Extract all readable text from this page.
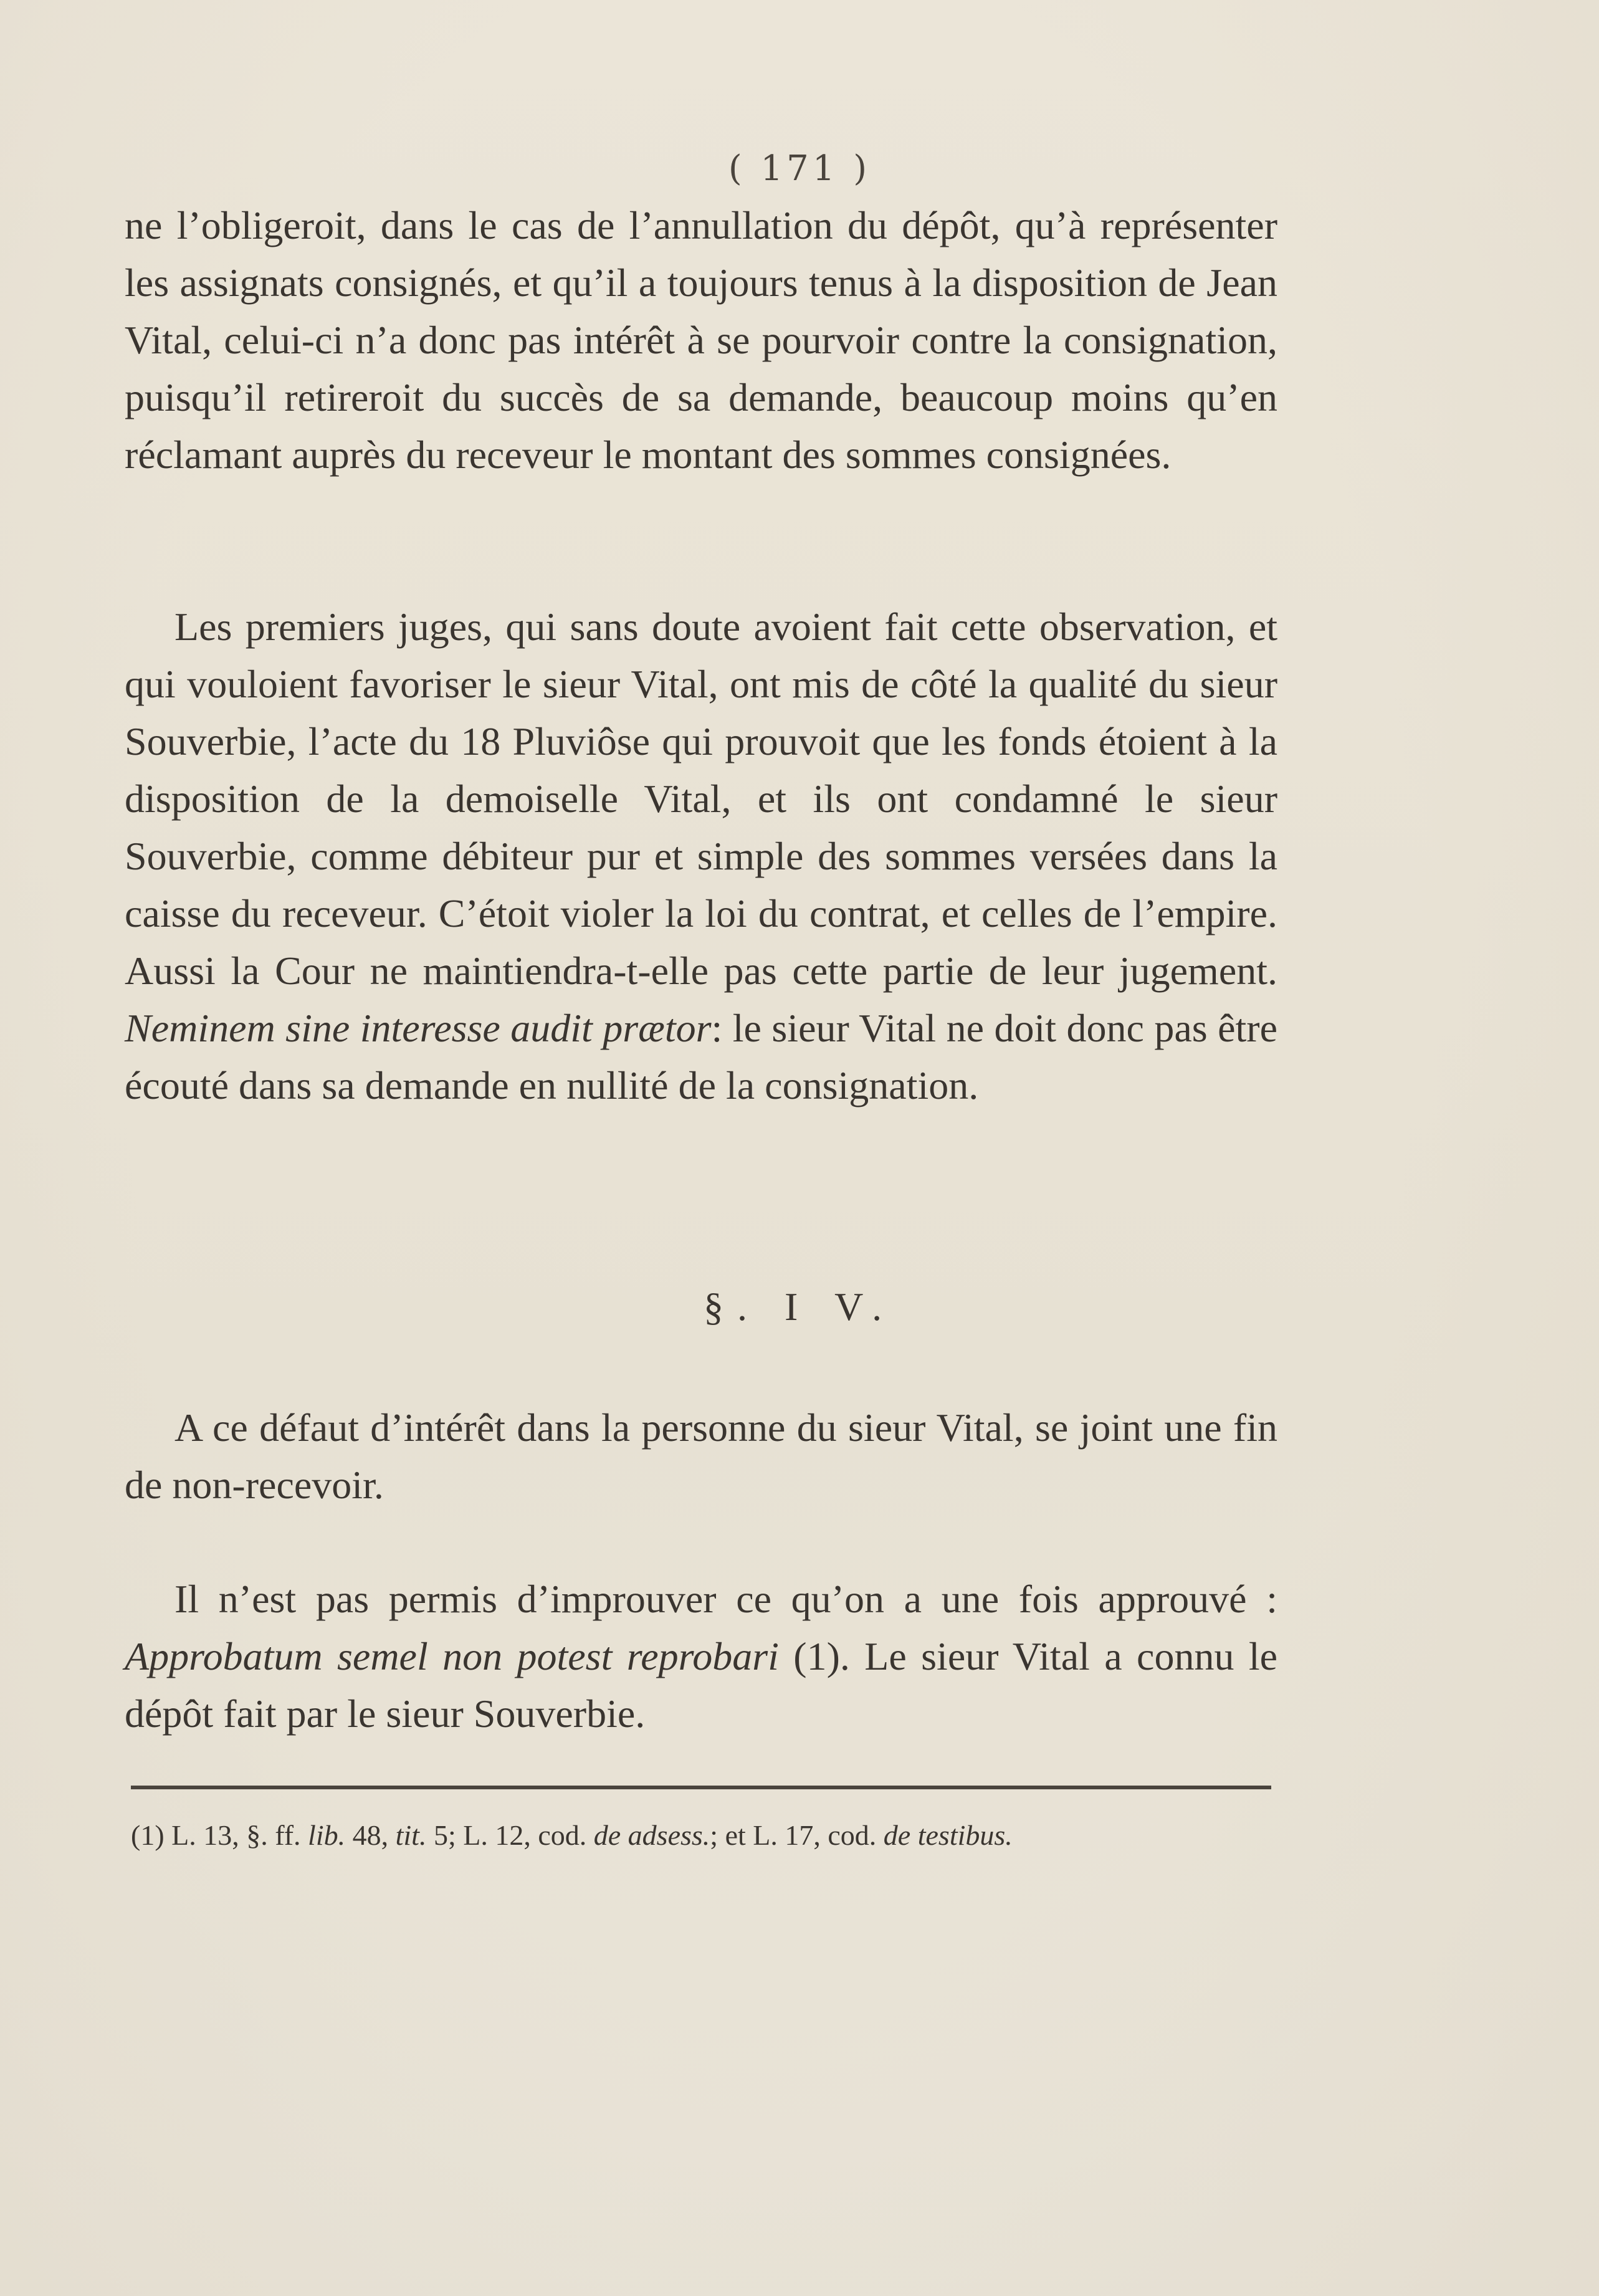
( 171 )

ne l’obligeroit, dans le cas de l’annullation du dépôt, qu’à représenter les assignats consignés, et qu’il a toujours tenus à la disposition de Jean Vital, celui-ci n’a donc pas intérêt à se pourvoir contre la consignation, puisqu’il retireroit du succès de sa demande, beaucoup moins qu’en réclamant auprès du receveur le montant des sommes consignées.

Les premiers juges, qui sans doute avoient fait cette observation, et qui vouloient favoriser le sieur Vital, ont mis de côté la qualité du sieur Souverbie, l’acte du 18 Pluviôse qui prouvoit que les fonds étoient à la disposition de la demoiselle Vital, et ils ont condamné le sieur Souverbie, comme débiteur pur et simple des sommes versées dans la caisse du receveur. C’étoit violer la loi du contrat, et celles de l’empire. Aussi la Cour ne maintiendra-t-elle pas cette partie de leur jugement. Neminem sine interesse audit prætor: le sieur Vital ne doit donc pas être écouté dans sa demande en nullité de la consignation.

§. I V.

A ce défaut d’intérêt dans la personne du sieur Vital, se joint une fin de non-recevoir.

Il n’est pas permis d’improuver ce qu’on a une fois approuvé : Approbatum semel non potest reprobari (1). Le sieur Vital a connu le dépôt fait par le sieur Souverbie.

(1) L. 13, §. ff. lib. 48, tit. 5; L. 12, cod. de adsess.; et L. 17, cod. de testibus.
